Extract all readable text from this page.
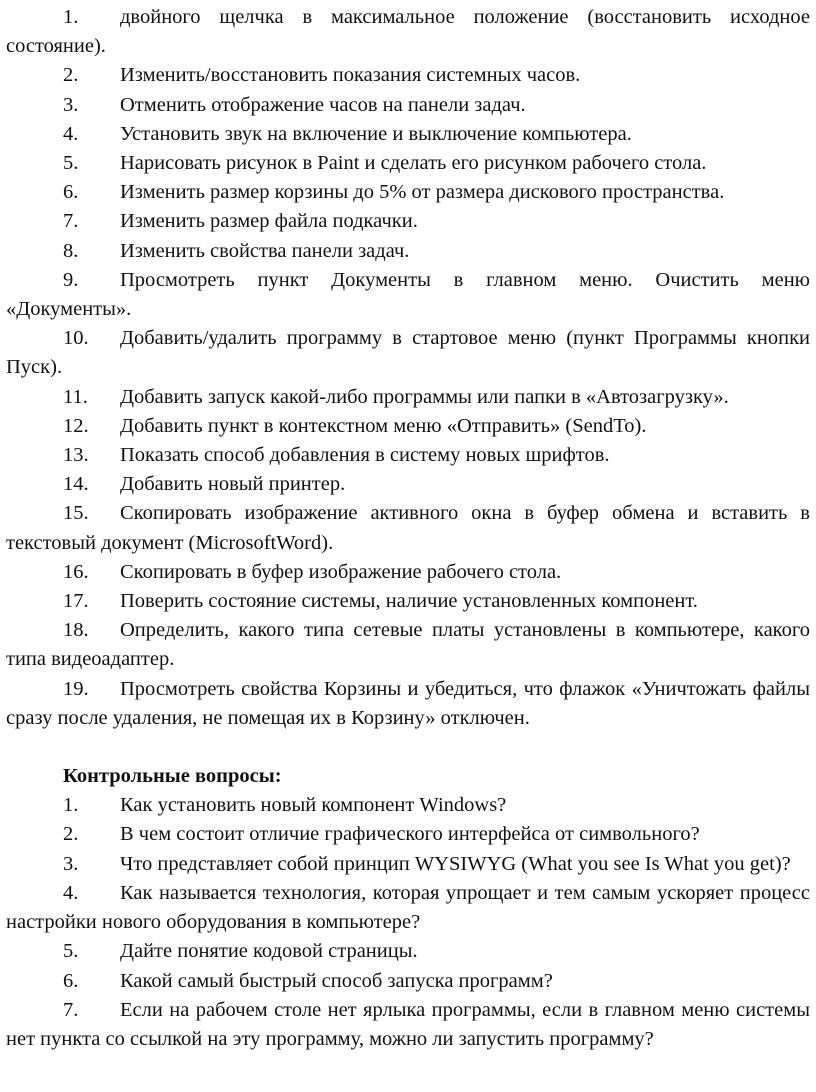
1. двойного щелчка в максимальное положение (восстановить исходное состояние).

2. Изменить/восстановить показания системных часов.

3. Отменить отображение часов на панели задач.

4. Установить звук на включение и выключение компьютера.

5. Нарисовать рисунок в Paint и сделать его рисунком рабочего стола.

6. Изменить размер корзины до 5% от размера дискового пространства.

7. Изменить размер файла подкачки.

8. Изменить свойства панели задач.

9. Просмотреть пункт Документы в главном меню. Очистить меню «Документы».

10. Добавить/удалить программу в стартовое меню (пункт Программы кнопки Пуск).

11. Добавить запуск какой-либо программы или папки в «Автозагрузку».

12. Добавить пункт в контекстном меню «Отправить» (SendTo).

13. Показать способ добавления в систему новых шрифтов.

14. Добавить новый принтер.

15. Скопировать изображение активного окна в буфер обмена и вставить в текстовый документ (MicrosoftWord).

16. Скопировать в буфер изображение рабочего стола.

17. Поверить состояние системы, наличие установленных компонент.

18. Определить, какого типа сетевые платы установлены в компьютере, какого типа видеоадаптер.

19. Просмотреть свойства Корзины и убедиться, что флажок «Уничтожать файлы сразу после удаления, не помещая их в Корзину» отключен.

Контрольные вопросы:

1. Как установить новый компонент Windows?

2. В чем состоит отличие графического интерфейса от символьного?

3. Что представляет собой принцип WYSIWYG (What you see Is What you get)?

4. Как называется технология, которая упрощает и тем самым ускоряет процесс настройки нового оборудования в компьютере?

5. Дайте понятие кодовой страницы.

6. Какой самый быстрый способ запуска программ?

7. Если на рабочем столе нет ярлыка программы, если в главном меню системы нет пункта со ссылкой на эту программу, можно ли запустить программу?
